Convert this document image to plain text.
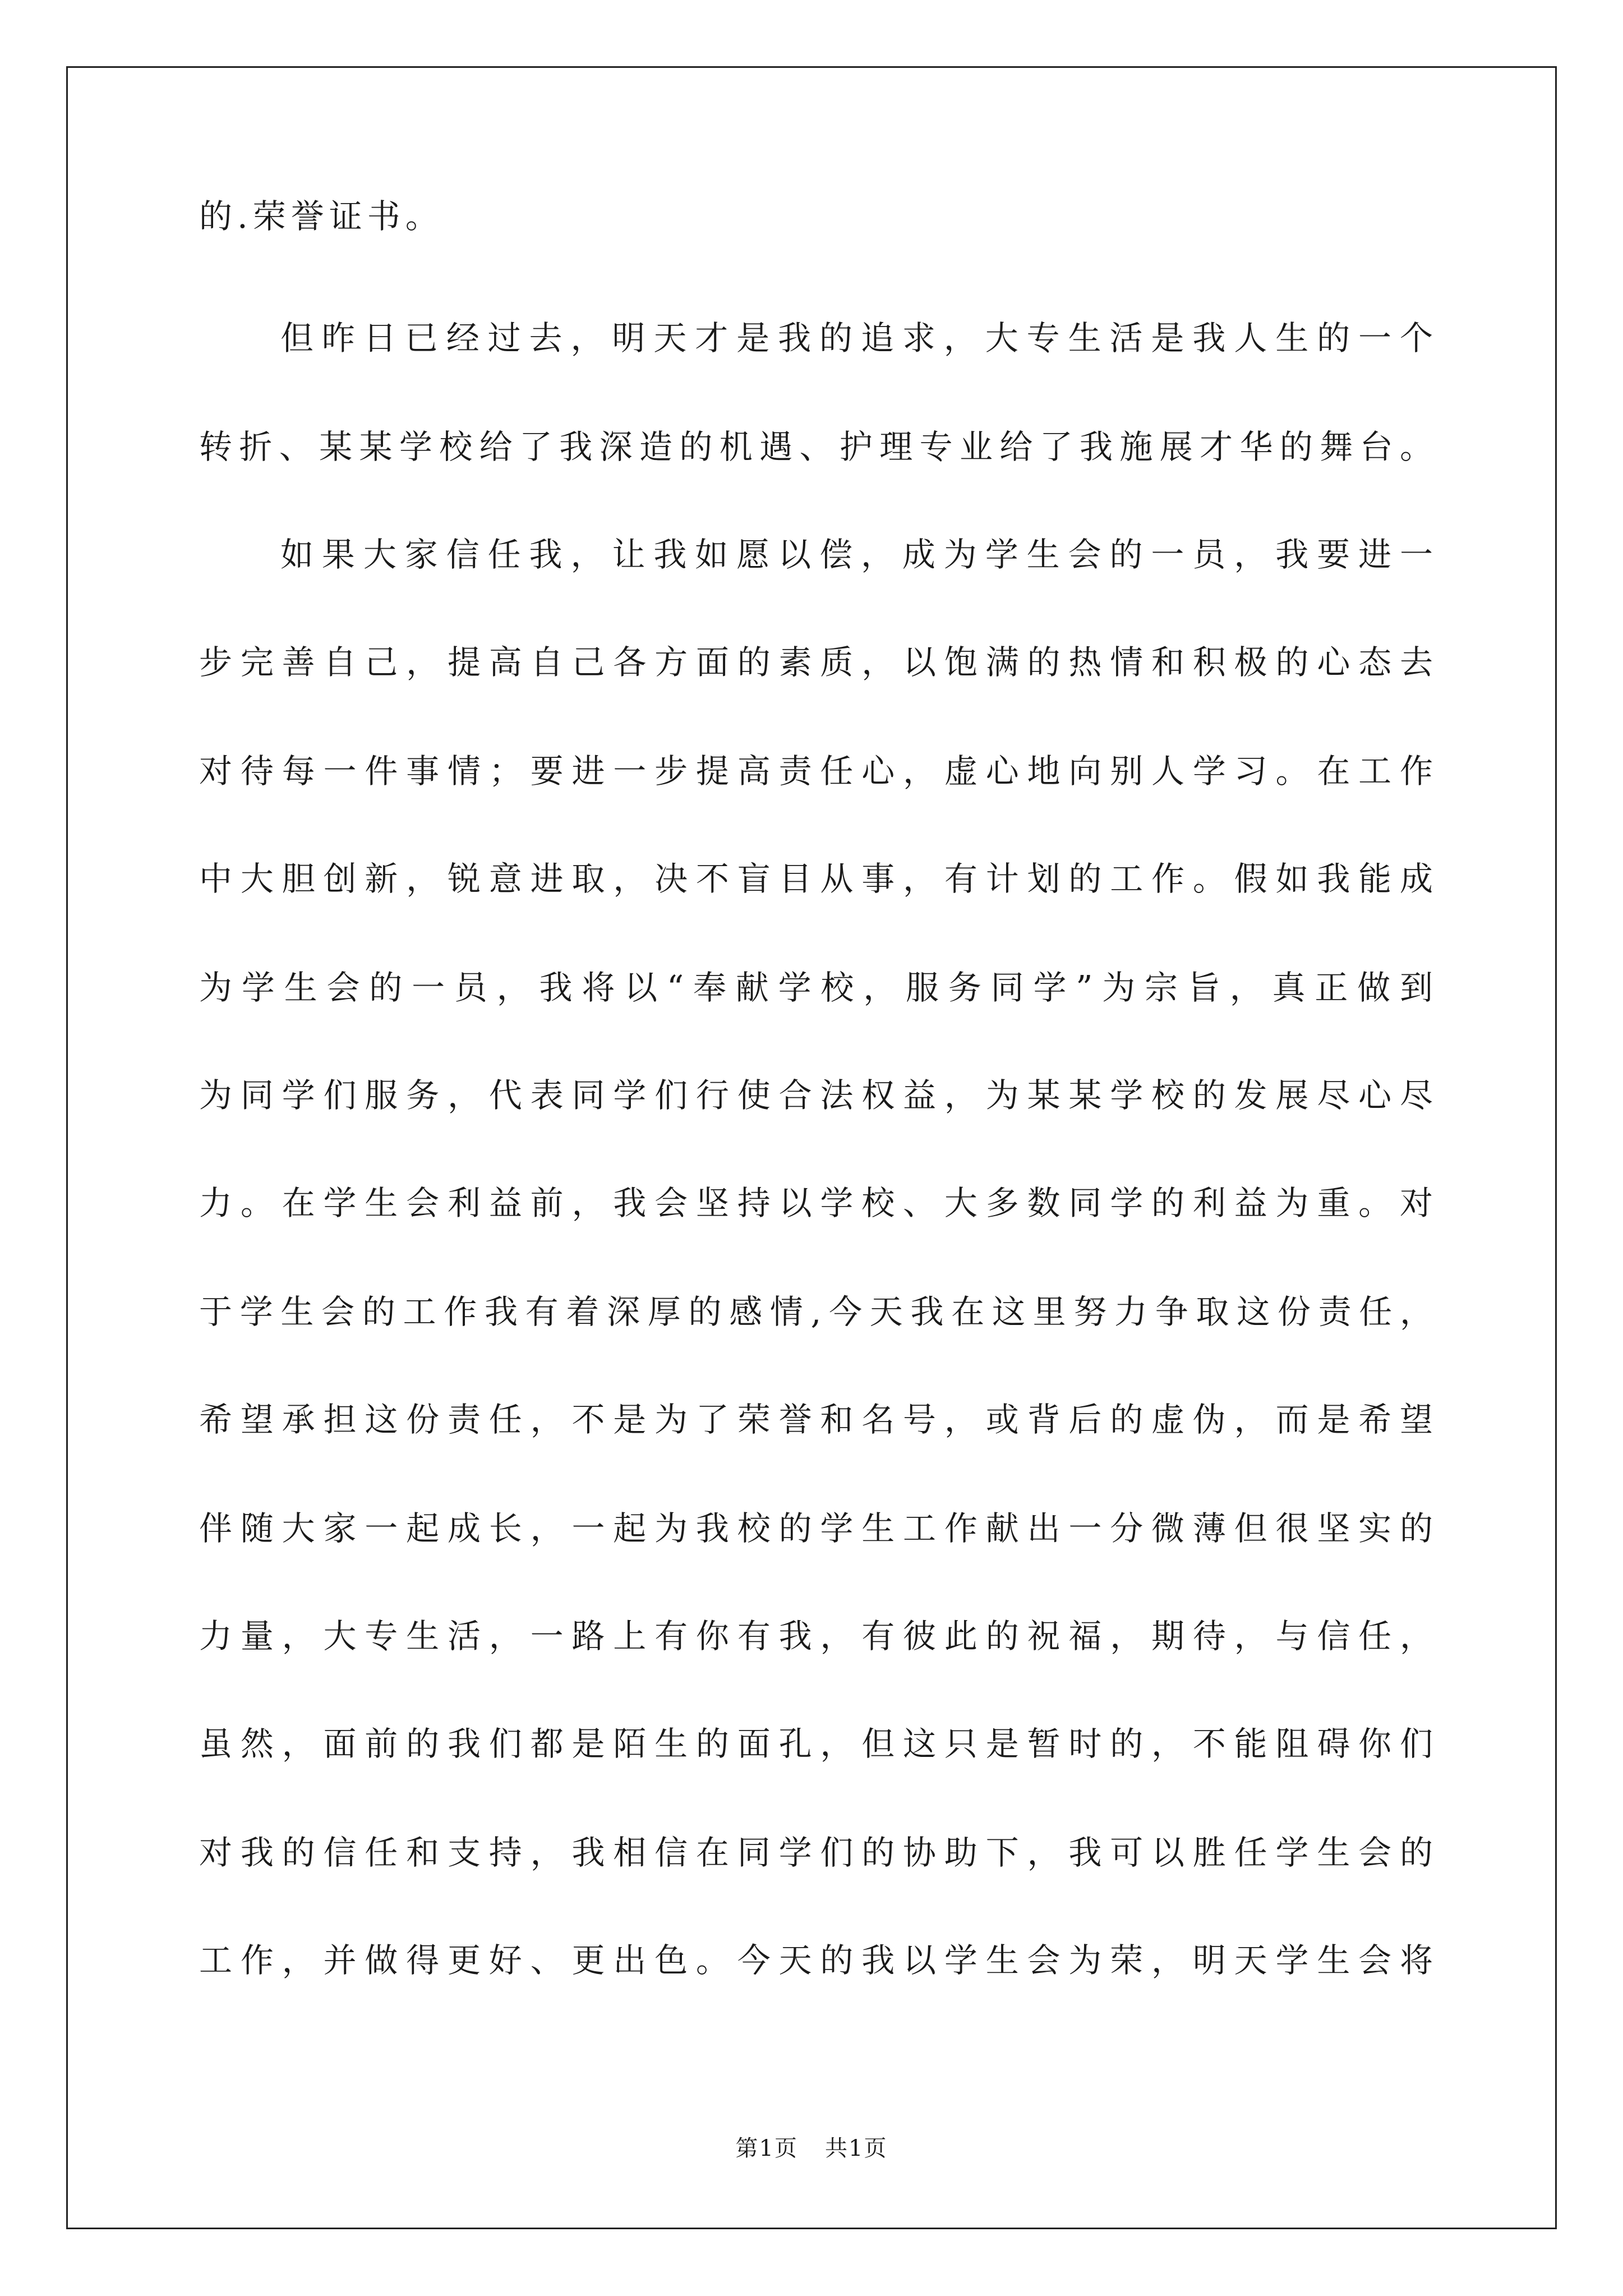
的.荣誉证书。
但昨日已经过去，明天才是我的追求，大专生活是我人生的一个
转折、某某学校给了我深造的机遇、护理专业给了我施展才华的舞台。
如果大家信任我，让我如愿以偿，成为学生会的一员，我要进一
步完善自己，提高自己各方面的素质，以饱满的热情和积极的心态去
对待每一件事情；要进一步提高责任心，虚心地向别人学习。在工作
中大胆创新，锐意进取，决不盲目从事，有计划的工作。假如我能成
为学生会的一员，我将以“奉献学校，服务同学”为宗旨，真正做到
为同学们服务，代表同学们行使合法权益，为某某学校的发展尽心尽
力。在学生会利益前，我会坚持以学校、大多数同学的利益为重。对
于学生会的工作我有着深厚的感情,今天我在这里努力争取这份责任，
希望承担这份责任，不是为了荣誉和名号，或背后的虚伪，而是希望
伴随大家一起成长，一起为我校的学生工作献出一分微薄但很坚实的
力量，大专生活，一路上有你有我，有彼此的祝福，期待，与信任，
虽然，面前的我们都是陌生的面孔，但这只是暂时的，不能阻碍你们
对我的信任和支持，我相信在同学们的协助下，我可以胜任学生会的
工作，并做得更好、更出色。今天的我以学生会为荣，明天学生会将
第1页 共1页
